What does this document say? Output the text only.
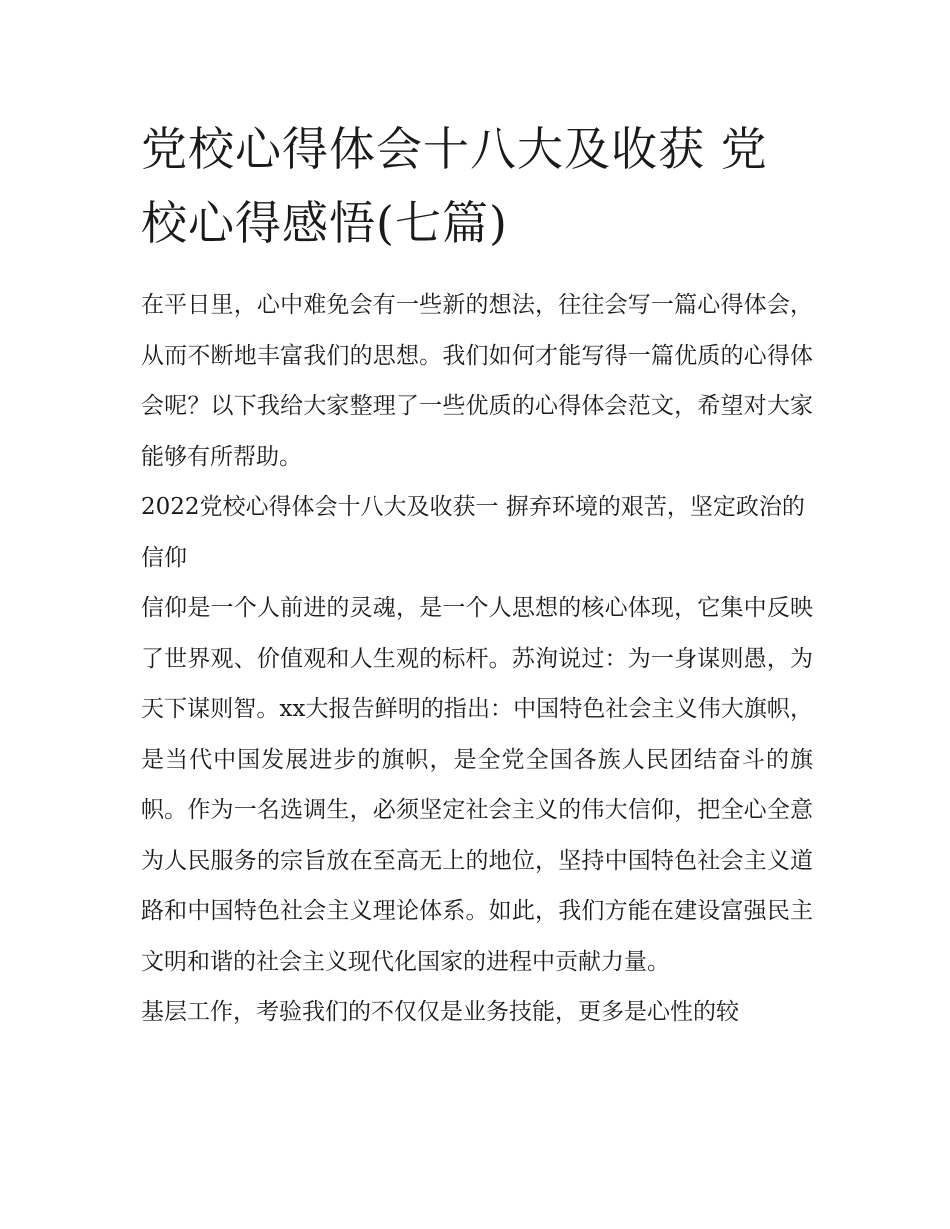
党校心得体会十八大及收获 党校心得感悟(七篇)

在平日里，心中难免会有一些新的想法，往往会写一篇心得体会，从而不断地丰富我们的思想。我们如何才能写得一篇优质的心得体会呢？以下我给大家整理了一些优质的心得体会范文，希望对大家能够有所帮助。

2022党校心得体会十八大及收获一 摒弃环境的艰苦，坚定政治的信仰

信仰是一个人前进的灵魂，是一个人思想的核心体现，它集中反映了世界观、价值观和人生观的标杆。苏洵说过：为一身谋则愚，为天下谋则智。xx大报告鲜明的指出：中国特色社会主义伟大旗帜，是当代中国发展进步的旗帜，是全党全国各族人民团结奋斗的旗帜。作为一名选调生，必须坚定社会主义的伟大信仰，把全心全意为人民服务的宗旨放在至高无上的地位，坚持中国特色社会主义道路和中国特色社会主义理论体系。如此，我们方能在建设富强民主文明和谐的社会主义现代化国家的进程中贡献力量。

基层工作，考验我们的不仅仅是业务技能，更多是心性的较
